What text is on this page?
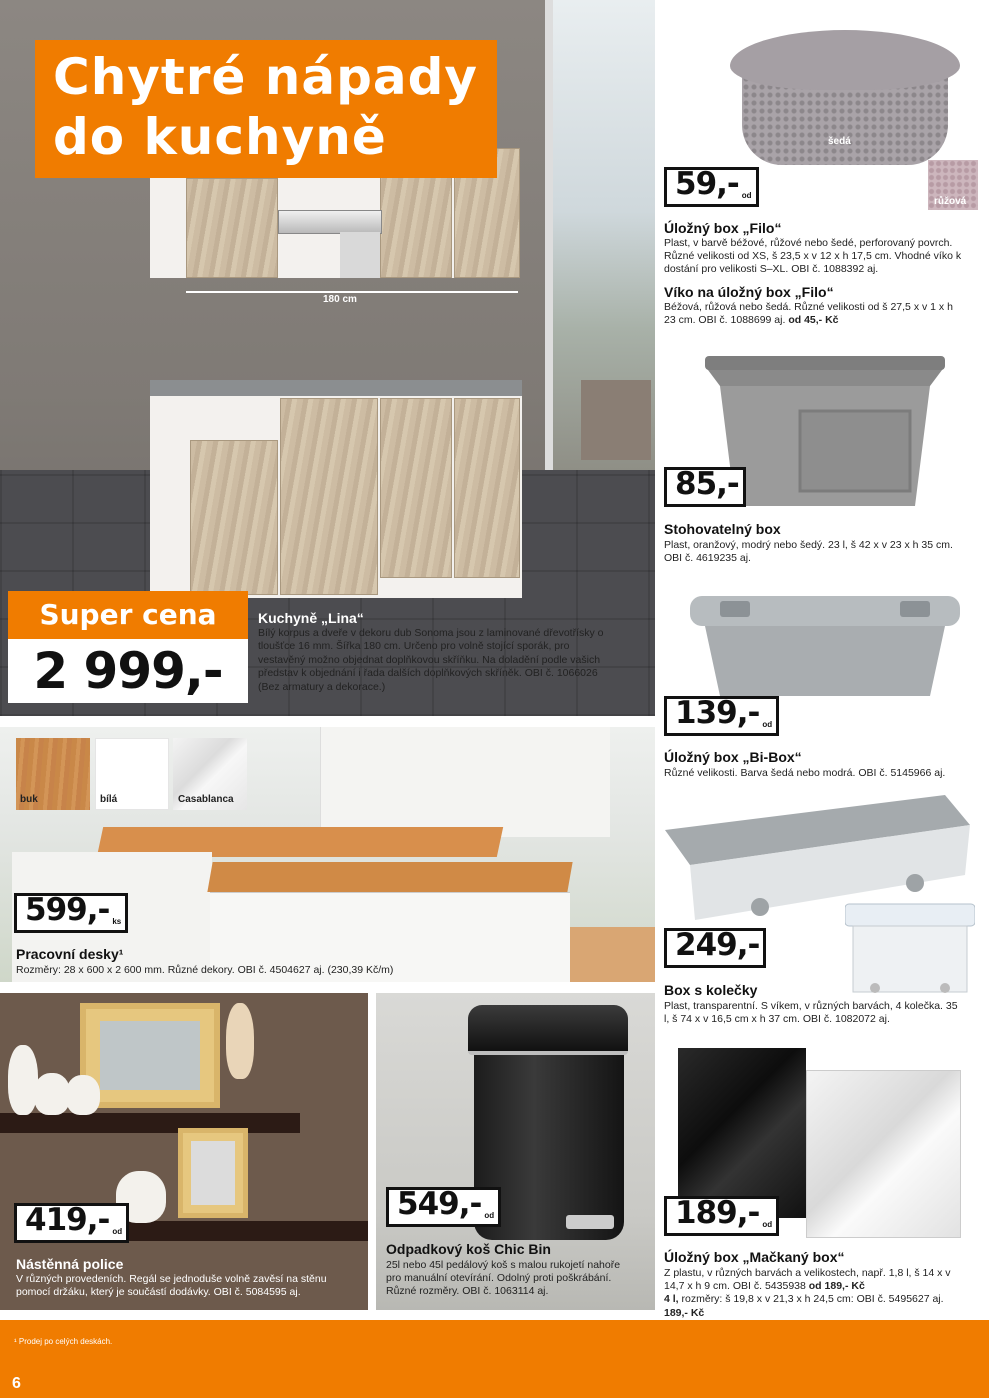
180 cm
Chytré nápady
do kuchyně
Super cena
2 999,-
Kuchyně „Lina“
Bílý korpus a dveře v dekoru dub Sonoma jsou z laminované dřevotřísky o tloušťce 16 mm. Šířka 180 cm. Určeno pro volně stojící sporák, pro vestavěný možno objednat doplňkovou skříňku. Na doladění podle vašich představ k objednání i řada dalších doplňkových skříněk. OBI č. 1066026 (Bez armatury a dekorace.)
šedá
růžová
59,- od
Úložný box „Filo“
Plast, v barvě béžové, růžové nebo šedé, perforovaný povrch. Různé velikosti od XS, š 23,5 x v 12 x h 17,5 cm. Vhodné víko k dostání pro velikosti S–XL. OBI č. 1088392 aj.
Víko na úložný box „Filo“
Béžová, růžová nebo šedá. Různé velikosti od š 27,5 x v 1 x h 23 cm. OBI č. 1088699 aj. od 45,- Kč
85,-
Stohovatelný box
Plast, oranžový, modrý nebo šedý. 23 l, š 42 x v 23 x h 35 cm. OBI č. 4619235 aj.
139,- od
Úložný box „Bi-Box“
Různé velikosti. Barva šedá nebo modrá. OBI č. 5145966 aj.
249,-
Box s kolečky
Plast, transparentní. S víkem, v různých barvách, 4 kolečka. 35 l, š 74 x v 16,5 cm x h 37 cm. OBI č. 1082072 aj.
189,- od
Úložný box „Mačkaný box“
Z plastu, v různých barvách a velikostech, např. 1,8 l, š 14 x v 14,7 x h 9 cm. OBI č. 5435938 od 189,- Kč
4 l, rozměry: š 19,8 x v 21,3 x h 24,5 cm: OBI č. 5495627 aj. 189,- Kč
buk	bílá	Casablanca
599,- ks
Pracovní desky¹
Rozměry: 28 x 600 x 2 600 mm. Různé dekory. OBI č. 4504627 aj. (230,39 Kč/m)
419,- od
Nástěnná police
V různých provedeních. Regál se jednoduše volně zavěsí na stěnu pomocí držáku, který je součástí dodávky. OBI č. 5084595 aj.
549,- od
Odpadkový koš Chic Bin
25l nebo 45l pedálový koš s malou rukojetí nahoře pro manuální otevírání. Odolný proti poškrábání. Různé rozměry. OBI č. 1063114 aj.
¹ Prodej po celých deskách.
6
